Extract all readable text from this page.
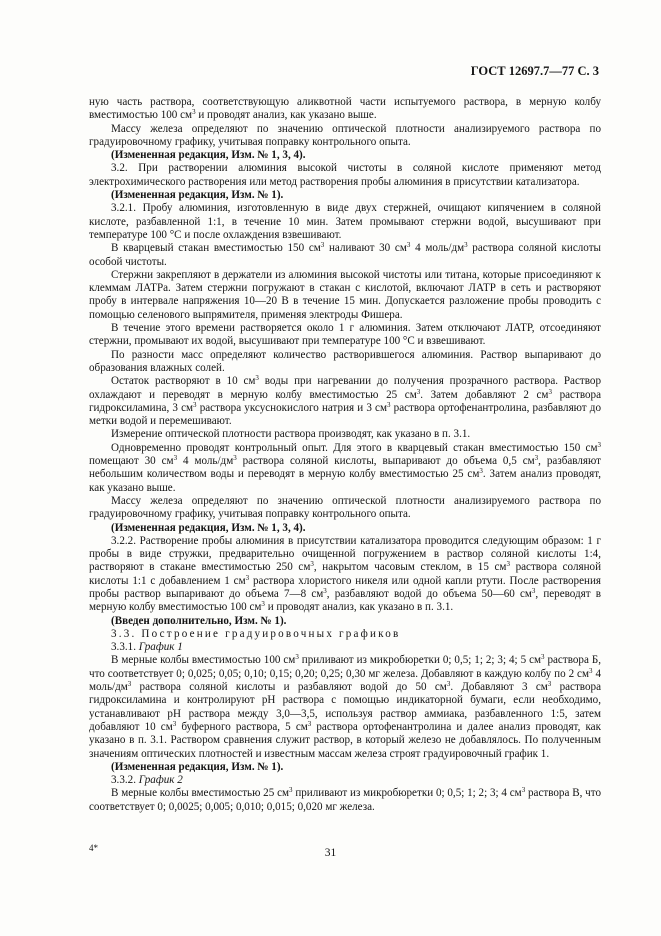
ГОСТ 12697.7—77 С. 3

ную часть раствора, соответствующую аликвотной части испытуемого раствора, в мерную колбу вместимостью 100 $см^3$ и проводят анализ, как указано выше.

Массу железа определяют по значению оптической плотности анализируемого раствора по градуировочному графику, учитывая поправку контрольного опыта.

(Измененная редакция, Изм. № 1, 3, 4).

3.2. При растворении алюминия высокой чистоты в соляной кислоте применяют метод электрохимического растворения или метод растворения пробы алюминия в присутствии катализатора.

(Измененная редакция, Изм. № 1).

3.2.1. Пробу алюминия, изготовленную в виде двух стержней, очищают кипячением в соляной кислоте, разбавленной 1:1, в течение 10 мин. Затем промывают стержни водой, высушивают при температуре 100 °С и после охлаждения взвешивают.

В кварцевый стакан вместимостью 150 $см^3$ наливают 30 $см^3$ 4 моль/$дм^3$ раствора соляной кислоты особой чистоты.

Стержни закрепляют в держатели из алюминия высокой чистоты или титана, которые присоединяют к клеммам ЛАТРа. Затем стержни погружают в стакан с кислотой, включают ЛАТР в сеть и растворяют пробу в интервале напряжения 10—20 В в течение 15 мин. Допускается разложение пробы проводить с помощью селенового выпрямителя, применяя электроды Фишера.

В течение этого времени растворяется около 1 г алюминия. Затем отключают ЛАТР, отсоединяют стержни, промывают их водой, высушивают при температуре 100 °С и взвешивают.

По разности масс определяют количество растворившегося алюминия. Раствор выпаривают до образования влажных солей.

Остаток растворяют в 10 $см^3$ воды при нагревании до получения прозрачного раствора. Раствор охлаждают и переводят в мерную колбу вместимостью 25 $см^3$. Затем добавляют 2 $см^3$ раствора гидроксиламина, 3 $см^3$ раствора уксуснокислого натрия и 3 $см^3$ раствора ортофенантролина, разбавляют до метки водой и перемешивают.

Измерение оптической плотности раствора производят, как указано в п. 3.1.

Одновременно проводят контрольный опыт. Для этого в кварцевый стакан вместимостью 150 $см^3$ помещают 30 $см^3$ 4 моль/$дм^3$ раствора соляной кислоты, выпаривают до объема 0,5 $см^3$, разбавляют небольшим количеством воды и переводят в мерную колбу вместимостью 25 $см^3$. Затем анализ проводят, как указано выше.

Массу железа определяют по значению оптической плотности анализируемого раствора по градуировочному графику, учитывая поправку контрольного опыта.

(Измененная редакция, Изм. № 1, 3, 4).

3.2.2. Растворение пробы алюминия в присутствии катализатора проводится следующим образом: 1 г пробы в виде стружки, предварительно очищенной погружением в раствор соляной кислоты 1:4, растворяют в стакане вместимостью 250 $см^3$, накрытом часовым стеклом, в 15 $см^3$ раствора соляной кислоты 1:1 с добавлением 1 $см^3$ раствора хлористого никеля или одной капли ртути. После растворения пробы раствор выпаривают до объема 7—8 $см^3$, разбавляют водой до объема 50—60 $см^3$, переводят в мерную колбу вместимостью 100 $см^3$ и проводят анализ, как указано в п. 3.1.

(Введен дополнительно, Изм. № 1).

3.3. Построение градуировочных графиков

3.3.1. График 1

В мерные колбы вместимостью 100 $см^3$ приливают из микробюретки 0; 0,5; 1; 2; 3; 4; 5 $см^3$ раствора Б, что соответствует 0; 0,025; 0,05; 0,10; 0,15; 0,20; 0,25; 0,30 мг железа. Добавляют в каждую колбу по 2 $см^3$ 4 моль/$дм^3$ раствора соляной кислоты и разбавляют водой до 50 $см^3$. Добавляют 3 $см^3$ раствора гидроксиламина и контролируют pH раствора с помощью индикаторной бумаги, если необходимо, устанавливают pH раствора между 3,0—3,5, используя раствор аммиака, разбавленного 1:5, затем добавляют 10 $см^3$ буферного раствора, 5 $см^3$ раствора ортофенантролина и далее анализ проводят, как указано в п. 3.1. Раствором сравнения служит раствор, в который железо не добавлялось. По полученным значениям оптических плотностей и известным массам железа строят градуировочный график 1.

(Измененная редакция, Изм. № 1).

3.3.2. График 2

В мерные колбы вместимостью 25 $см^3$ приливают из микробюретки 0; 0,5; 1; 2; 3; 4 $см^3$ раствора В, что соответствует 0; 0,0025; 0,005; 0,010; 0,015; 0,020 мг железа.

4*	31
